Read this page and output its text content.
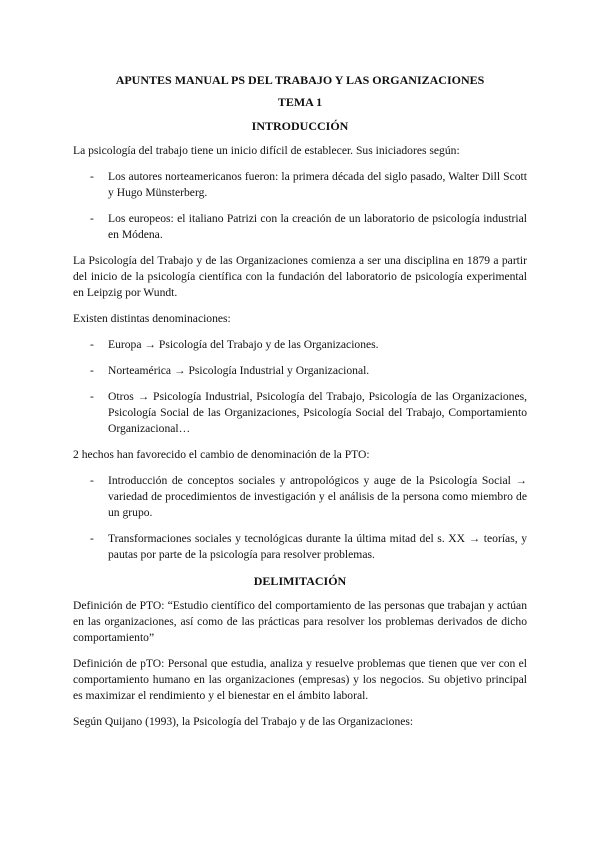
APUNTES MANUAL PS DEL TRABAJO Y LAS ORGANIZACIONES
TEMA 1
INTRODUCCIÓN

La psicología del trabajo tiene un inicio difícil de establecer. Sus iniciadores según:

- Los autores norteamericanos fueron: la primera década del siglo pasado, Walter Dill Scott y Hugo Münsterberg.
- Los europeos: el italiano Patrizi con la creación de un laboratorio de psicología industrial en Módena.

La Psicología del Trabajo y de las Organizaciones comienza a ser una disciplina en 1879 a partir del inicio de la psicología científica con la fundación del laboratorio de psicología experimental en Leipzig por Wundt.

Existen distintas denominaciones:

- Europa → Psicología del Trabajo y de las Organizaciones.
- Norteamérica → Psicología Industrial y Organizacional.
- Otros → Psicología Industrial, Psicología del Trabajo, Psicología de las Organizaciones, Psicología Social de las Organizaciones, Psicología Social del Trabajo, Comportamiento Organizacional…

2 hechos han favorecido el cambio de denominación de la PTO:

- Introducción de conceptos sociales y antropológicos y auge de la Psicología Social → variedad de procedimientos de investigación y el análisis de la persona como miembro de un grupo.
- Transformaciones sociales y tecnológicas durante la última mitad del s. XX → teorías, y pautas por parte de la psicología para resolver problemas.
DELIMITACIÓN

Definición de PTO: “Estudio científico del comportamiento de las personas que trabajan y actúan en las organizaciones, así como de las prácticas para resolver los problemas derivados de dicho comportamiento”

Definición de pTO: Personal que estudia, analiza y resuelve problemas que tienen que ver con el comportamiento humano en las organizaciones (empresas) y los negocios. Su objetivo principal es maximizar el rendimiento y el bienestar en el ámbito laboral.

Según Quijano (1993), la Psicología del Trabajo y de las Organizaciones:
